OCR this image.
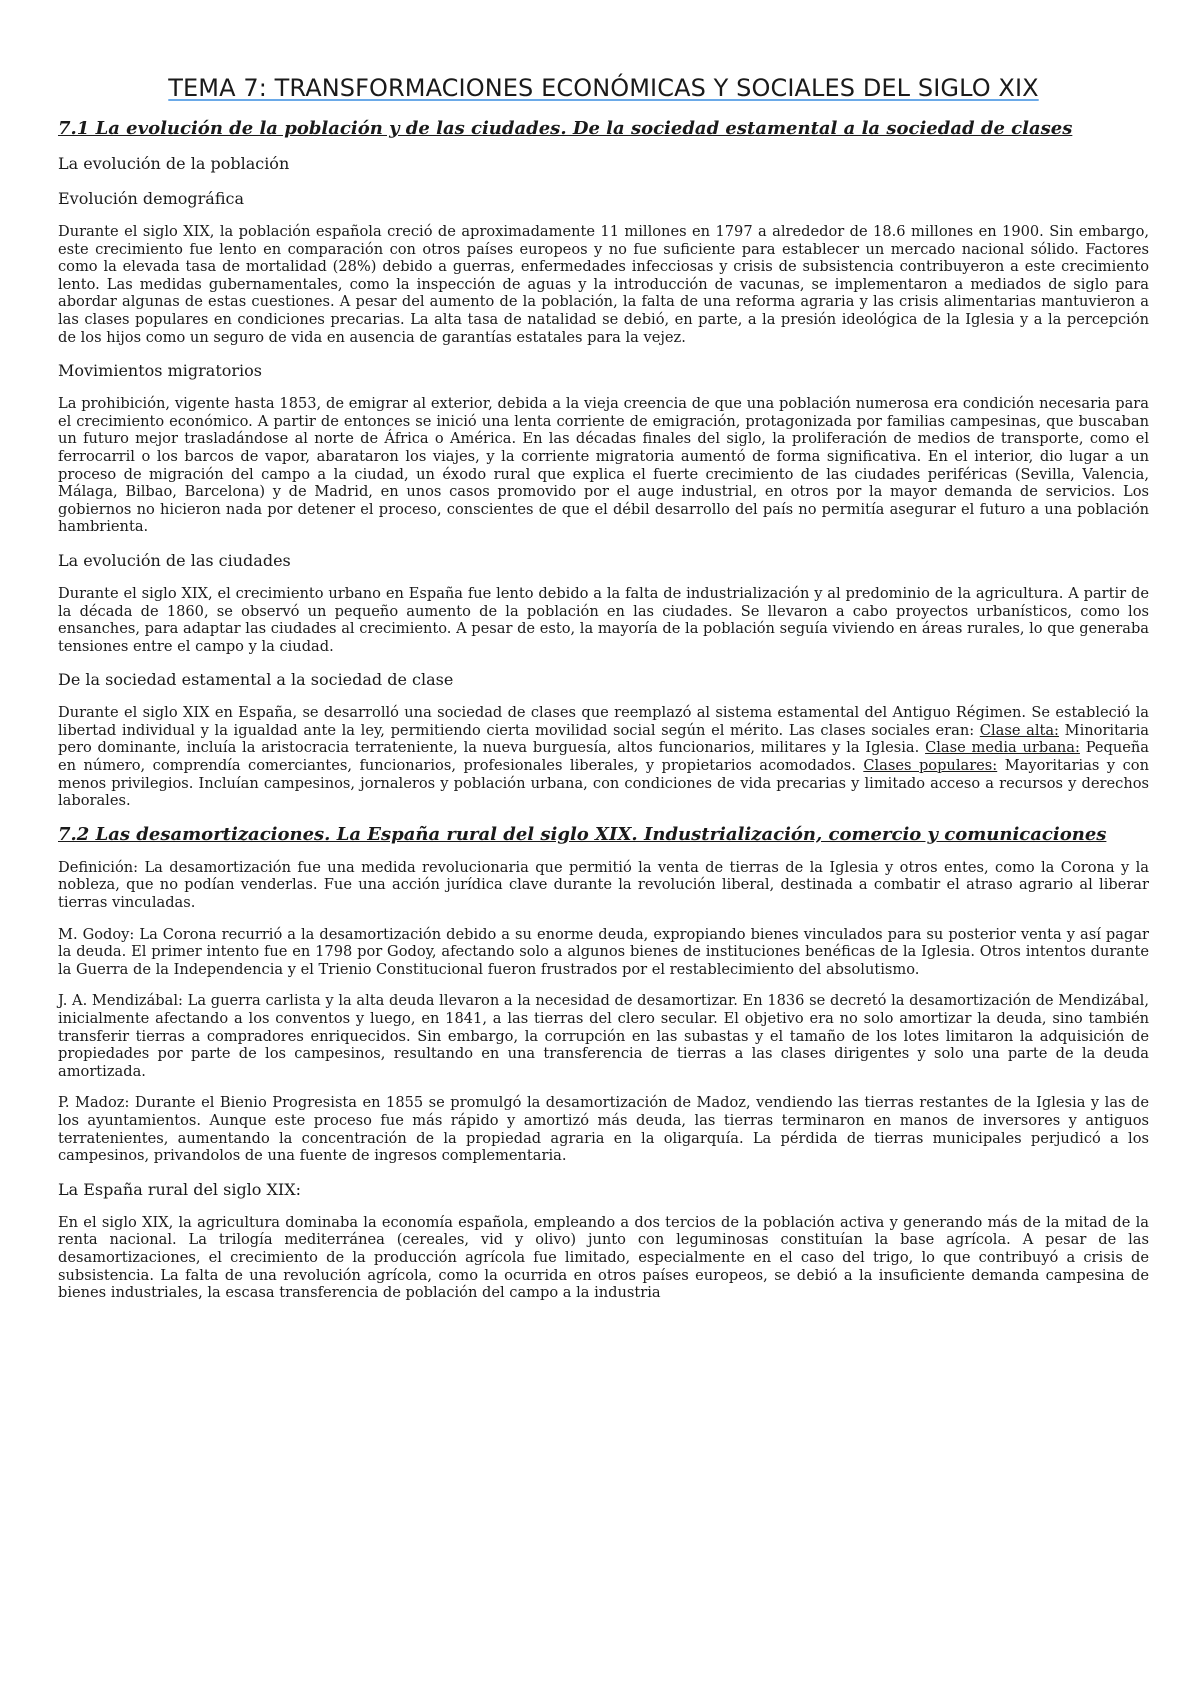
TEMA 7: TRANSFORMACIONES ECONÓMICAS Y SOCIALES DEL SIGLO XIX
7.1 La evolución de la población y de las ciudades. De la sociedad estamental a la sociedad de clases
La evolución de la población
Evolución demográfica

Durante el siglo XIX, la población española creció de aproximadamente 11 millones en 1797 a alrededor de 18.6 millones en 1900. Sin embargo, este crecimiento fue lento en comparación con otros países europeos y no fue suficiente para establecer un mercado nacional sólido. Factores como la elevada tasa de mortalidad (28%) debido a guerras, enfermedades infecciosas y crisis de subsistencia contribuyeron a este crecimiento lento. Las medidas gubernamentales, como la inspección de aguas y la introducción de vacunas, se implementaron a mediados de siglo para abordar algunas de estas cuestiones. A pesar del aumento de la población, la falta de una reforma agraria y las crisis alimentarias mantuvieron a las clases populares en condiciones precarias. La alta tasa de natalidad se debió, en parte, a la presión ideológica de la Iglesia y a la percepción de los hijos como un seguro de vida en ausencia de garantías estatales para la vejez.

Movimientos migratorios

La prohibición, vigente hasta 1853, de emigrar al exterior, debida a la vieja creencia de que una población numerosa era condición necesaria para el crecimiento económico. A partir de entonces se inició una lenta corriente de emigración, protagonizada por familias campesinas, que buscaban un futuro mejor trasladándose al norte de África o América. En las décadas finales del siglo, la proliferación de medios de transporte, como el ferrocarril o los barcos de vapor, abarataron los viajes, y la corriente migratoria aumentó de forma significativa. En el interior, dio lugar a un proceso de migración del campo a la ciudad, un éxodo rural que explica el fuerte crecimiento de las ciudades periféricas (Sevilla, Valencia, Málaga, Bilbao, Barcelona) y de Madrid, en unos casos promovido por el auge industrial, en otros por la mayor demanda de servicios. Los gobiernos no hicieron nada por detener el proceso, conscientes de que el débil desarrollo del país no permitía asegurar el futuro a una población hambrienta.

La evolución de las ciudades

Durante el siglo XIX, el crecimiento urbano en España fue lento debido a la falta de industrialización y al predominio de la agricultura. A partir de la década de 1860, se observó un pequeño aumento de la población en las ciudades. Se llevaron a cabo proyectos urbanísticos, como los ensanches, para adaptar las ciudades al crecimiento. A pesar de esto, la mayoría de la población seguía viviendo en áreas rurales, lo que generaba tensiones entre el campo y la ciudad.

De la sociedad estamental a la sociedad de clase

Durante el siglo XIX en España, se desarrolló una sociedad de clases que reemplazó al sistema estamental del Antiguo Régimen. Se estableció la libertad individual y la igualdad ante la ley, permitiendo cierta movilidad social según el mérito. Las clases sociales eran: Clase alta: Minoritaria pero dominante, incluía la aristocracia terrateniente, la nueva burguesía, altos funcionarios, militares y la Iglesia. Clase media urbana: Pequeña en número, comprendía comerciantes, funcionarios, profesionales liberales, y propietarios acomodados. Clases populares: Mayoritarias y con menos privilegios. Incluían campesinos, jornaleros y población urbana, con condiciones de vida precarias y limitado acceso a recursos y derechos laborales.

7.2 Las desamortizaciones. La España rural del siglo XIX. Industrialización, comercio y comunicaciones

Definición: La desamortización fue una medida revolucionaria que permitió la venta de tierras de la Iglesia y otros entes, como la Corona y la nobleza, que no podían venderlas. Fue una acción jurídica clave durante la revolución liberal, destinada a combatir el atraso agrario al liberar tierras vinculadas.

M. Godoy: La Corona recurrió a la desamortización debido a su enorme deuda, expropiando bienes vinculados para su posterior venta y así pagar la deuda. El primer intento fue en 1798 por Godoy, afectando solo a algunos bienes de instituciones benéficas de la Iglesia. Otros intentos durante la Guerra de la Independencia y el Trienio Constitucional fueron frustrados por el restablecimiento del absolutismo.

J. A. Mendizábal: La guerra carlista y la alta deuda llevaron a la necesidad de desamortizar. En 1836 se decretó la desamortización de Mendizábal, inicialmente afectando a los conventos y luego, en 1841, a las tierras del clero secular. El objetivo era no solo amortizar la deuda, sino también transferir tierras a compradores enriquecidos. Sin embargo, la corrupción en las subastas y el tamaño de los lotes limitaron la adquisición de propiedades por parte de los campesinos, resultando en una transferencia de tierras a las clases dirigentes y solo una parte de la deuda amortizada.

P. Madoz: Durante el Bienio Progresista en 1855 se promulgó la desamortización de Madoz, vendiendo las tierras restantes de la Iglesia y las de los ayuntamientos. Aunque este proceso fue más rápido y amortizó más deuda, las tierras terminaron en manos de inversores y antiguos terratenientes, aumentando la concentración de la propiedad agraria en la oligarquía. La pérdida de tierras municipales perjudicó a los campesinos, privandolos de una fuente de ingresos complementaria.

La España rural del siglo XIX:

En el siglo XIX, la agricultura dominaba la economía española, empleando a dos tercios de la población activa y generando más de la mitad de la renta nacional. La trilogía mediterránea (cereales, vid y olivo) junto con leguminosas constituían la base agrícola. A pesar de las desamortizaciones, el crecimiento de la producción agrícola fue limitado, especialmente en el caso del trigo, lo que contribuyó a crisis de subsistencia. La falta de una revolución agrícola, como la ocurrida en otros países europeos, se debió a la insuficiente demanda campesina de bienes industriales, la escasa transferencia de población del campo a la industria
